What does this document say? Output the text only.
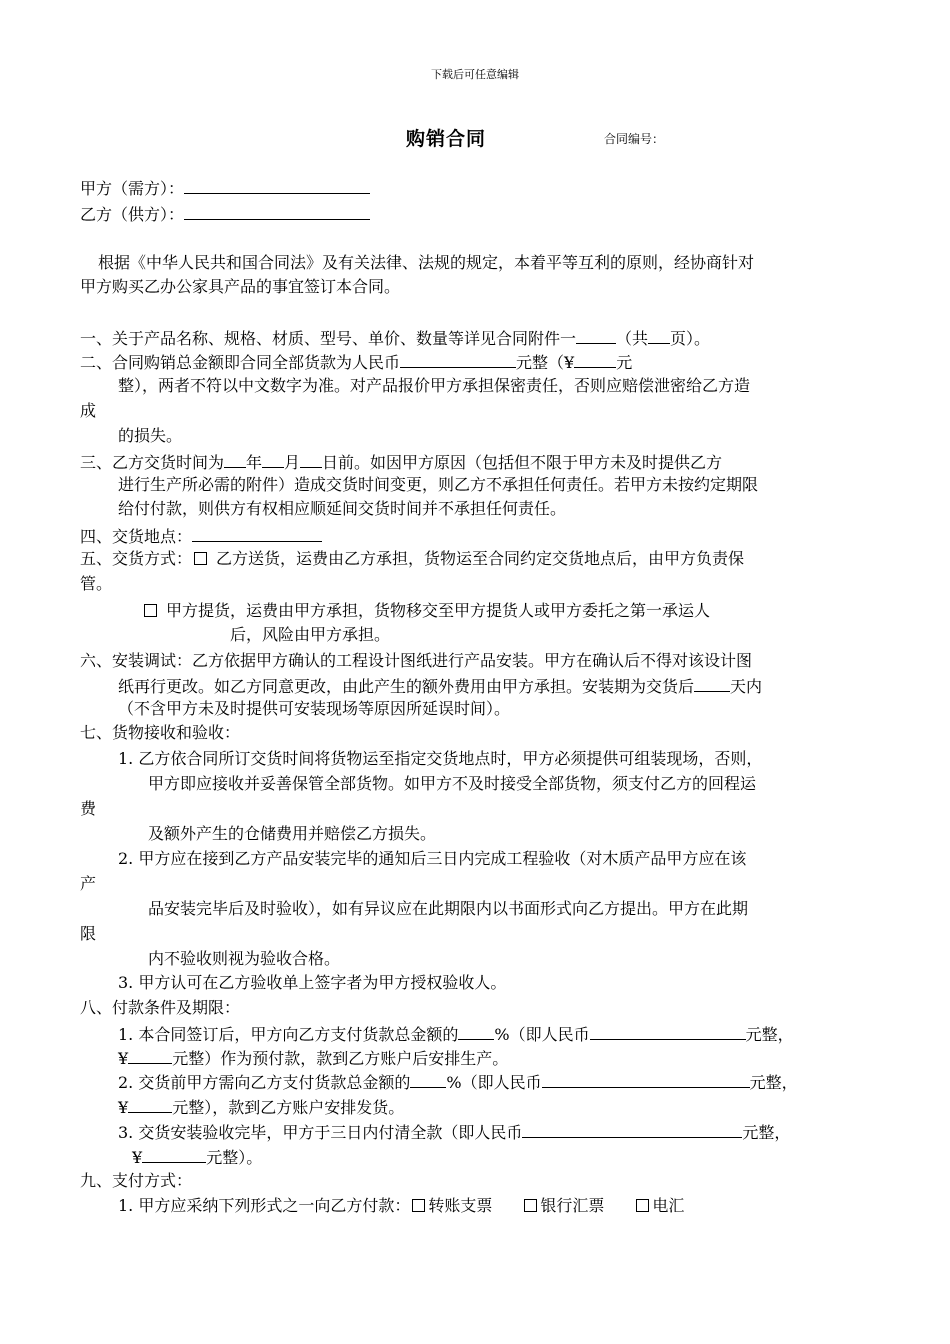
下载后可任意编辑
购销合同	合同编号：
甲方（需方）：
乙方（供方）：
根据《中华人民共和国合同法》及有关法律、法规的规定，本着平等互利的原则，经协商针对
甲方购买乙办公家具产品的事宜签订本合同。
一、关于产品名称、规格、材质、型号、单价、数量等详见合同附件一	（共 页）。
二、合同购销总金额即合同全部货款为人民币	元整（¥	元
整），两者不符以中文数字为准。对产品报价甲方承担保密责任，否则应赔偿泄密给乙方造
成
的损失。
三、乙方交货时间为 年 月 日前。如因甲方原因（包括但不限于甲方未及时提供乙方
进行生产所必需的附件）造成交货时间变更，则乙方不承担任何责任。若甲方未按约定期限
给付付款，则供方有权相应顺延间交货时间并不承担任何责任。
四、交货地点：
五、交货方式： 乙方送货，运费由乙方承担，货物运至合同约定交货地点后，由甲方负责保
管。
甲方提货，运费由甲方承担，货物移交至甲方提货人或甲方委托之第一承运人
后，风险由甲方承担。
六、安装调试：乙方依据甲方确认的工程设计图纸进行产品安装。甲方在确认后不得对该设计图
纸再行更改。如乙方同意更改，由此产生的额外费用由甲方承担。安装期为交货后 天内
（不含甲方未及时提供可安装现场等原因所延误时间）。
七、货物接收和验收：
1. 乙方依合同所订交货时间将货物运至指定交货地点时，甲方必须提供可组装现场，否则，
甲方即应接收并妥善保管全部货物。如甲方不及时接受全部货物，须支付乙方的回程运
费
及额外产生的仓储费用并赔偿乙方损失。
2. 甲方应在接到乙方产品安装完毕的通知后三日内完成工程验收（对木质产品甲方应在该
产
品安装完毕后及时验收），如有异议应在此期限内以书面形式向乙方提出。甲方在此期
限
内不验收则视为验收合格。
3. 甲方认可在乙方验收单上签字者为甲方授权验收人。
八、付款条件及期限：
1. 本合同签订后，甲方向乙方支付货款总金额的 %（即人民币	元整，
¥	元整）作为预付款，款到乙方账户后安排生产。
2. 交货前甲方需向乙方支付货款总金额的 %（即人民币	元整，
¥	元整），款到乙方账户安排发货。
3. 交货安装验收完毕，甲方于三日内付清全款（即人民币	元整，
¥	元整）。
九、支付方式：
1. 甲方应采纳下列形式之一向乙方付款： 转账支票	银行汇票	电汇
